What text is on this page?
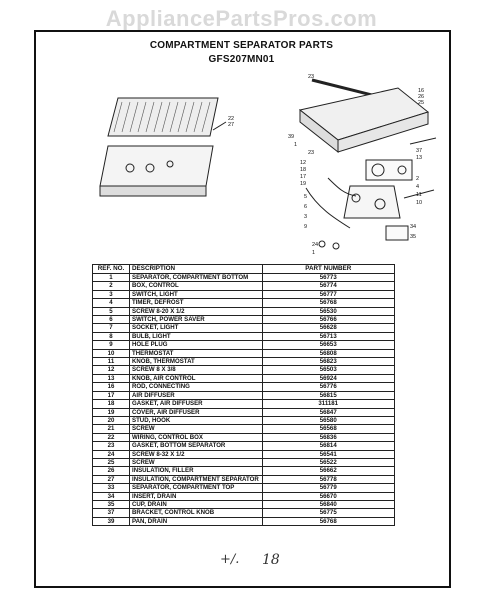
AppliancePartsPros.com
COMPARTMENT SEPARATOR PARTS
GFS207MN01
22
27
23
16
26
25
39
1
23
12
18
17
19
37
13
2
4
11
10
5
6
3
9	34
35
24
1
REF. NO.	DESCRIPTION	PART NUMBER
1	SEPARATOR, COMPARTMENT BOTTOM	56773
2	BOX, CONTROL	56774
3	SWITCH, LIGHT	56777
4	TIMER, DEFROST	56768
5	SCREW 8-20 X 1/2	56530
6	SWITCH, POWER SAVER	56766
7	SOCKET, LIGHT	56628
8	BULB, LIGHT	56713
9	HOLE PLUG	56653
10	THERMOSTAT	56808
11	KNOB, THERMOSTAT	56823
12	SCREW 8 X 3/8	56503
13	KNOB, AIR CONTROL	56924
16	ROD, CONNECTING	56776
17	AIR DIFFUSER	56815
18	GASKET, AIR DIFFUSER	311181
19	COVER, AIR DIFFUSER	56847
20	STUD, HOOK	56580
21	SCREW	56568
22	WIRING, CONTROL BOX	56836
23	GASKET, BOTTOM SEPARATOR	56814
24	SCREW 8-32 X 1/2	56541
25	SCREW	56522
26	INSULATION, FILLER	56662
27	INSULATION, COMPARTMENT SEPARATOR	56778
33	SEPARATOR, COMPARTMENT TOP	56779
34	INSERT, DRAIN	56670
35	CUP, DRAIN	56840
37	BRACKET, CONTROL KNOB	56775
39	PAN, DRAIN	56768
+/. 18
